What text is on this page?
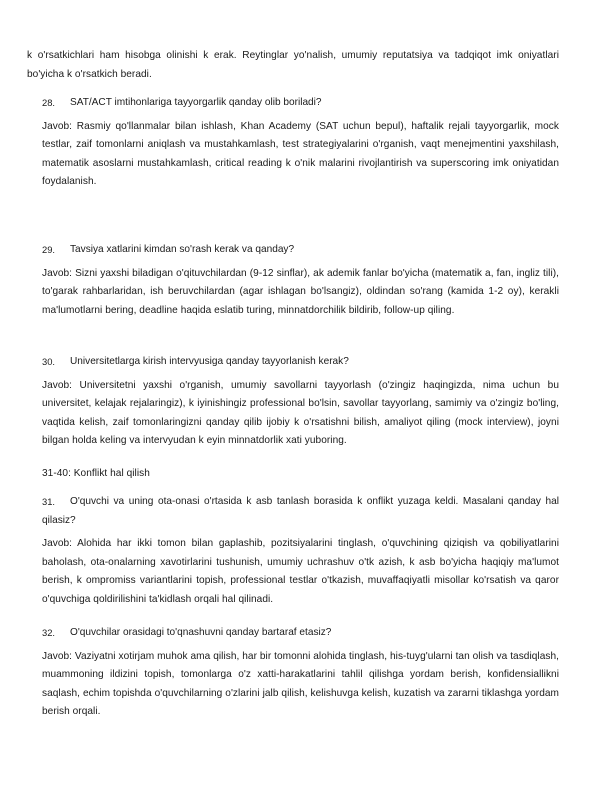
k o'rsatkichlari ham hisobga olinishi k erak. Reytinglar yo'nalish, umumiy reputatsiya va tadqiqot imk oniyatlari bo'yicha k o'rsatkich beradi.

28.	SAT/ACT imtihonlariga tayyorgarlik qanday olib boriladi?

Javob: Rasmiy qo'llanmalar bilan ishlash, Khan Academy (SAT uchun bepul), haftalik rejali tayyorgarlik, mock testlar, zaif tomonlarni aniqlash va mustahkamlash, test strategiyalarini o'rganish, vaqt menejmentini yaxshilash, matematik asoslarni mustahkamlash, critical reading k o'nik malarini rivojlantirish va superscoring imk oniyatidan foydalanish.

29.	Tavsiya xatlarini kimdan so'rash kerak va qanday?

Javob: Sizni yaxshi biladigan o'qituvchilardan (9-12 sinflar), ak ademik fanlar bo'yicha (matematik a, fan, ingliz tili), to'garak rahbarlaridan, ish beruvchilardan (agar ishlagan bo'lsangiz), oldindan so'rang (kamida 1-2 oy), kerakli ma'lumotlarni bering, deadline haqida eslatib turing, minnatdorchilik bildirib, follow-up qiling.

30.	Universitetlarga kirish intervyusiga qanday tayyorlanish kerak?

Javob: Universitetni yaxshi o'rganish, umumiy savollarni tayyorlash (o'zingiz haqingizda, nima uchun bu universitet, kelajak rejalaringiz), k iyinishingiz professional bo'lsin, savollar tayyorlang, samimiy va o'zingiz bo'ling, vaqtida kelish, zaif tomonlaringizni qanday qilib ijobiy k o'rsatishni bilish, amaliyot qiling (mock interview), joyni bilgan holda keling va intervyudan k eyin minnatdorlik xati yuboring.

31-40: Konflikt hal qilish

31.	O'quvchi va uning ota-onasi o'rtasida k asb tanlash borasida k onflikt yuzaga keldi. Masalani qanday hal qilasiz?

Javob: Alohida har ikki tomon bilan gaplashib, pozitsiyalarini tinglash, o'quvchining qiziqish va qobiliyatlarini baholash, ota-onalarning xavotirlarini tushunish, umumiy uchrashuv o'tk azish, k asb bo'yicha haqiqiy ma'lumot berish, k ompromiss variantlarini topish, professional testlar o'tkazish, muvaffaqiyatli misollar ko'rsatish va qaror o'quvchiga qoldirilishini ta'kidlash orqali hal qilinadi.

32.	O'quvchilar orasidagi to'qnashuvni qanday bartaraf etasiz?

Javob: Vaziyatni xotirjam muhok ama qilish, har bir tomonni alohida tinglash, his-tuyg'ularni tan olish va tasdiqlash, muammoning ildizini topish, tomonlarga o'z xatti-harakatlarini tahlil qilishga yordam berish, konfidensiallikni saqlash, echim topishda o'quvchilarning o'zlarini jalb qilish, kelishuvga kelish, kuzatish va zararni tiklashga yordam berish orqali.
